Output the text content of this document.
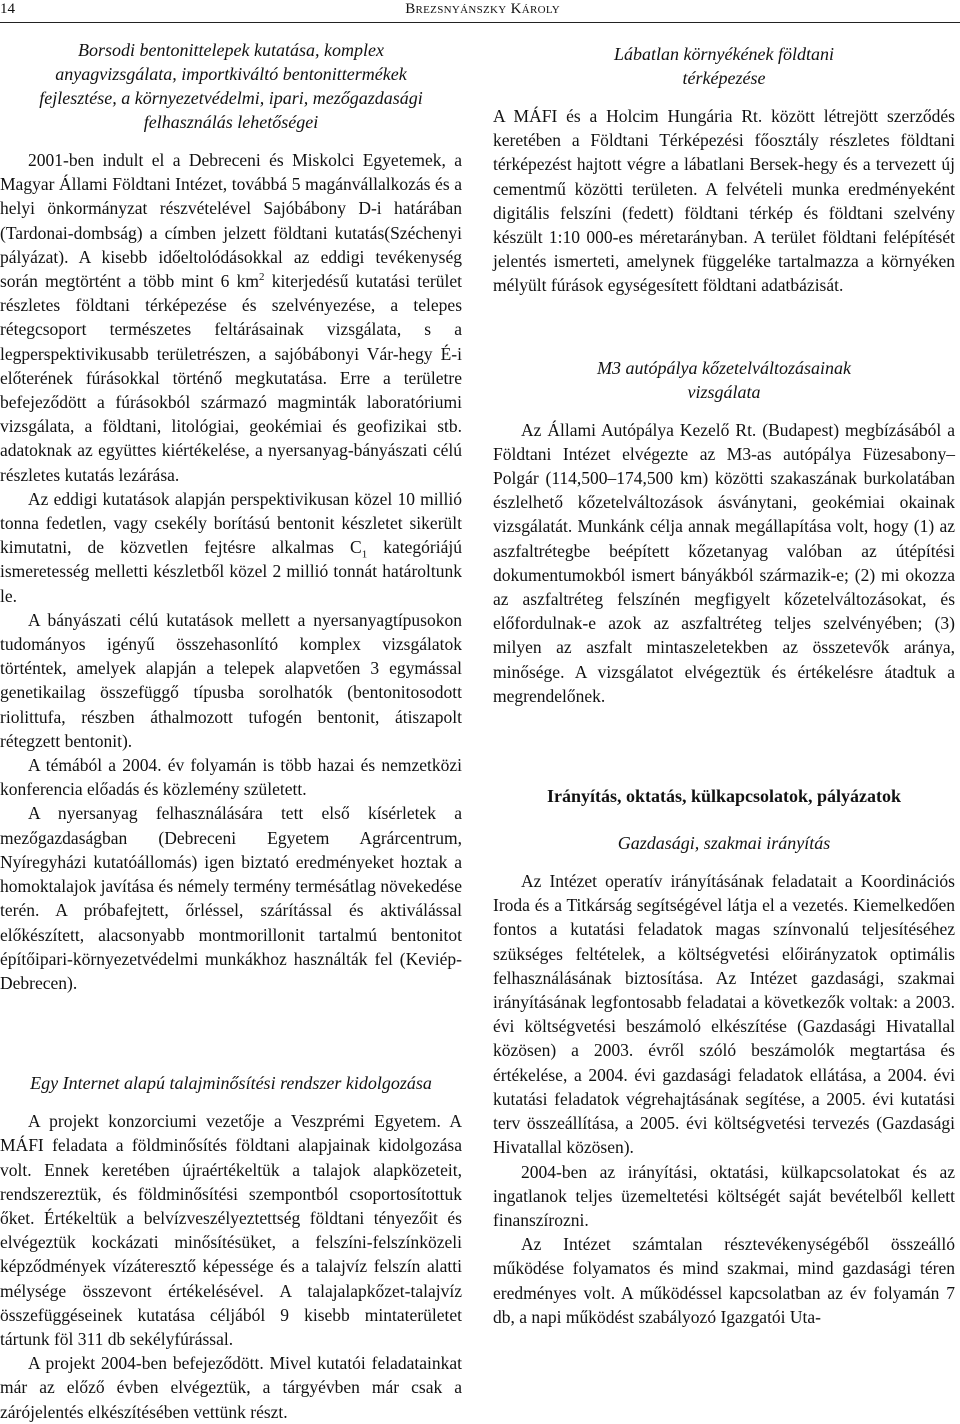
14	Brezsnyánszky Károly
Borsodi bentonittelepek kutatása, komplex anyagvizsgálata, importkiváltó bentonittermékek fejlesztése, a környezetvédelmi, ipari, mezőgazdasági felhasználás lehetőségei

2001-ben indult el a Debreceni és Miskolci Egyetemek, a Magyar Állami Földtani Intézet, továbbá 5 magánvállalkozás és a helyi önkormányzat részvételével Sajóbábony D-i határában (Tardonai-dombság) a címben jelzett földtani kutatás(Széchenyi pályázat). A kisebb időeltolódásokkal az eddigi tevékenység során megtörtént a több mint 6 $km^2$ kiterjedésű kutatási terület részletes földtani térképezése és szelvényezése, a telepes rétegcsoport természetes feltárásainak vizsgálata, s a legperspektivikusabb területrészen, a sajóbábonyi Vár-hegy É-i előterének fúrásokkal történő megkutatása. Erre a területre befejeződött a fúrásokból származó magminták laboratóriumi vizsgálata, a földtani, litológiai, geokémiai és geofizikai stb. adatoknak az együttes kiértékelése, a nyersanyag-bányászati célú részletes kutatás lezárása.

Az eddigi kutatások alapján perspektivikusan közel 10 millió tonna fedetlen, vagy csekély borítású bentonit készletet sikerült kimutatni, de közvetlen fejtésre alkalmas $C_1$ kategóriájú ismeretesség melletti készletből közel 2 millió tonnát határoltunk le.

A bányászati célú kutatások mellett a nyersanyagtípusokon tudományos igényű összehasonlító komplex vizsgálatok történtek, amelyek alapján a telepek alapvetően 3 egymással genetikailag összefüggő típusba sorolhatók (bentonitosodott riolittufa, részben áthalmozott tufogén bentonit, átiszapolt rétegzett bentonit).

A témából a 2004. év folyamán is több hazai és nemzetközi konferencia előadás és közlemény született.

A nyersanyag felhasználására tett első kísérletek a mezőgazdaságban (Debreceni Egyetem Agrárcentrum, Nyíregyházi kutatóállomás) igen biztató eredményeket hoztak a homoktalajok javítása és némely termény termésátlag növekedése terén. A próbafejtett, őrléssel, szárítással és aktiválással előkészített, alacsonyabb montmorillonit tartalmú bentonitot építőipari-környezetvédelmi munkákhoz használták fel (Keviép-Debrecen).

Egy Internet alapú talajminősítési rendszer kidolgozása

A projekt konzorciumi vezetője a Veszprémi Egyetem. A MÁFI feladata a földminősítés földtani alapjainak kidolgozása volt. Ennek keretében újraértékeltük a talajok alapközeteit, rendszereztük, és földminősítési szempontból csoportosítottuk őket. Értékeltük a belvízveszélyeztettség földtani tényezőit és elvégeztük kockázati minősítésüket, a felszíni-felszínközeli képződmények vízáteresztő képessége és a talajvíz felszín alatti mélysége összevont értékelésével. A talajalapkőzet-talajvíz összefüggéseinek kutatása céljából 9 kisebb mintaterületet tártunk föl 311 db sekélyfúrással.

A projekt 2004-ben befejeződött. Mivel kutatói feladatainkat már az előző évben elvégeztük, a tárgyévben már csak a zárójelentés elkészítésében vettünk részt.

Lábatlan környékének földtani térképezése

A MÁFI és a Holcim Hungária Rt. között létrejött szerződés keretében a Földtani Térképezési főosztály részletes földtani térképezést hajtott végre a lábatlani Bersek-hegy és a tervezett új cementmű közötti területen. A felvételi munka eredményeként digitális felszíni (fedett) földtani térkép és földtani szelvény készült 1:10 000-es méretarányban. A terület földtani felépítését jelentés ismerteti, amelynek függeléke tartalmazza a környéken mélyült fúrások egységesített földtani adatbázisát.

M3 autópálya kőzetelváltozásainak vizsgálata

Az Állami Autópálya Kezelő Rt. (Budapest) megbízásából a Földtani Intézet elvégezte az M3-as autópálya Füzesabony–Polgár (114,500–174,500 km) közötti szakaszának burkolatában észlelhető kőzetelváltozások ásványtani, geokémiai okainak vizsgálatát. Munkánk célja annak megállapítása volt, hogy (1) az aszfaltrétegbe beépített kőzetanyag valóban az útépítési dokumentumokból ismert bányákból származik-e; (2) mi okozza az aszfaltréteg felszínén megfigyelt kőzetelváltozásokat, és előfordulnak-e azok az aszfaltréteg teljes szelvényében; (3) milyen az aszfalt mintaszeletekben az összetevők aránya, minősége. A vizsgálatot elvégeztük és értékelésre átadtuk a megrendelőnek.

Irányítás, oktatás, külkapcsolatok, pályázatok
Gazdasági, szakmai irányítás

Az Intézet operatív irányításának feladatait a Koordinációs Iroda és a Titkárság segítségével látja el a vezetés. Kiemelkedően fontos a kutatási feladatok magas színvonalú teljesítéséhez szükséges feltételek, a költségvetési előirányzatok optimális felhasználásának biztosítása. Az Intézet gazdasági, szakmai irányításának legfontosabb feladatai a következők voltak: a 2003. évi költségvetési beszámoló elkészítése (Gazdasági Hivatallal közösen) a 2003. évről szóló beszámolók megtartása és értékelése, a 2004. évi gazdasági feladatok ellátása, a 2004. évi kutatási feladatok végrehajtásának segítése, a 2005. évi kutatási terv összeállítása, a 2005. évi költségvetési tervezés (Gazdasági Hivatallal közösen).

2004-ben az irányítási, oktatási, külkapcsolatokat és az ingatlanok teljes üzemeltetési költségét saját bevételből kellett finanszírozni.

Az Intézet számtalan résztevékenységéből összeálló működése folyamatos és mind szakmai, mind gazdasági téren eredményes volt. A működéssel kapcsolatban az év folyamán 7 db, a napi működést szabályozó Igazgatói Uta-
